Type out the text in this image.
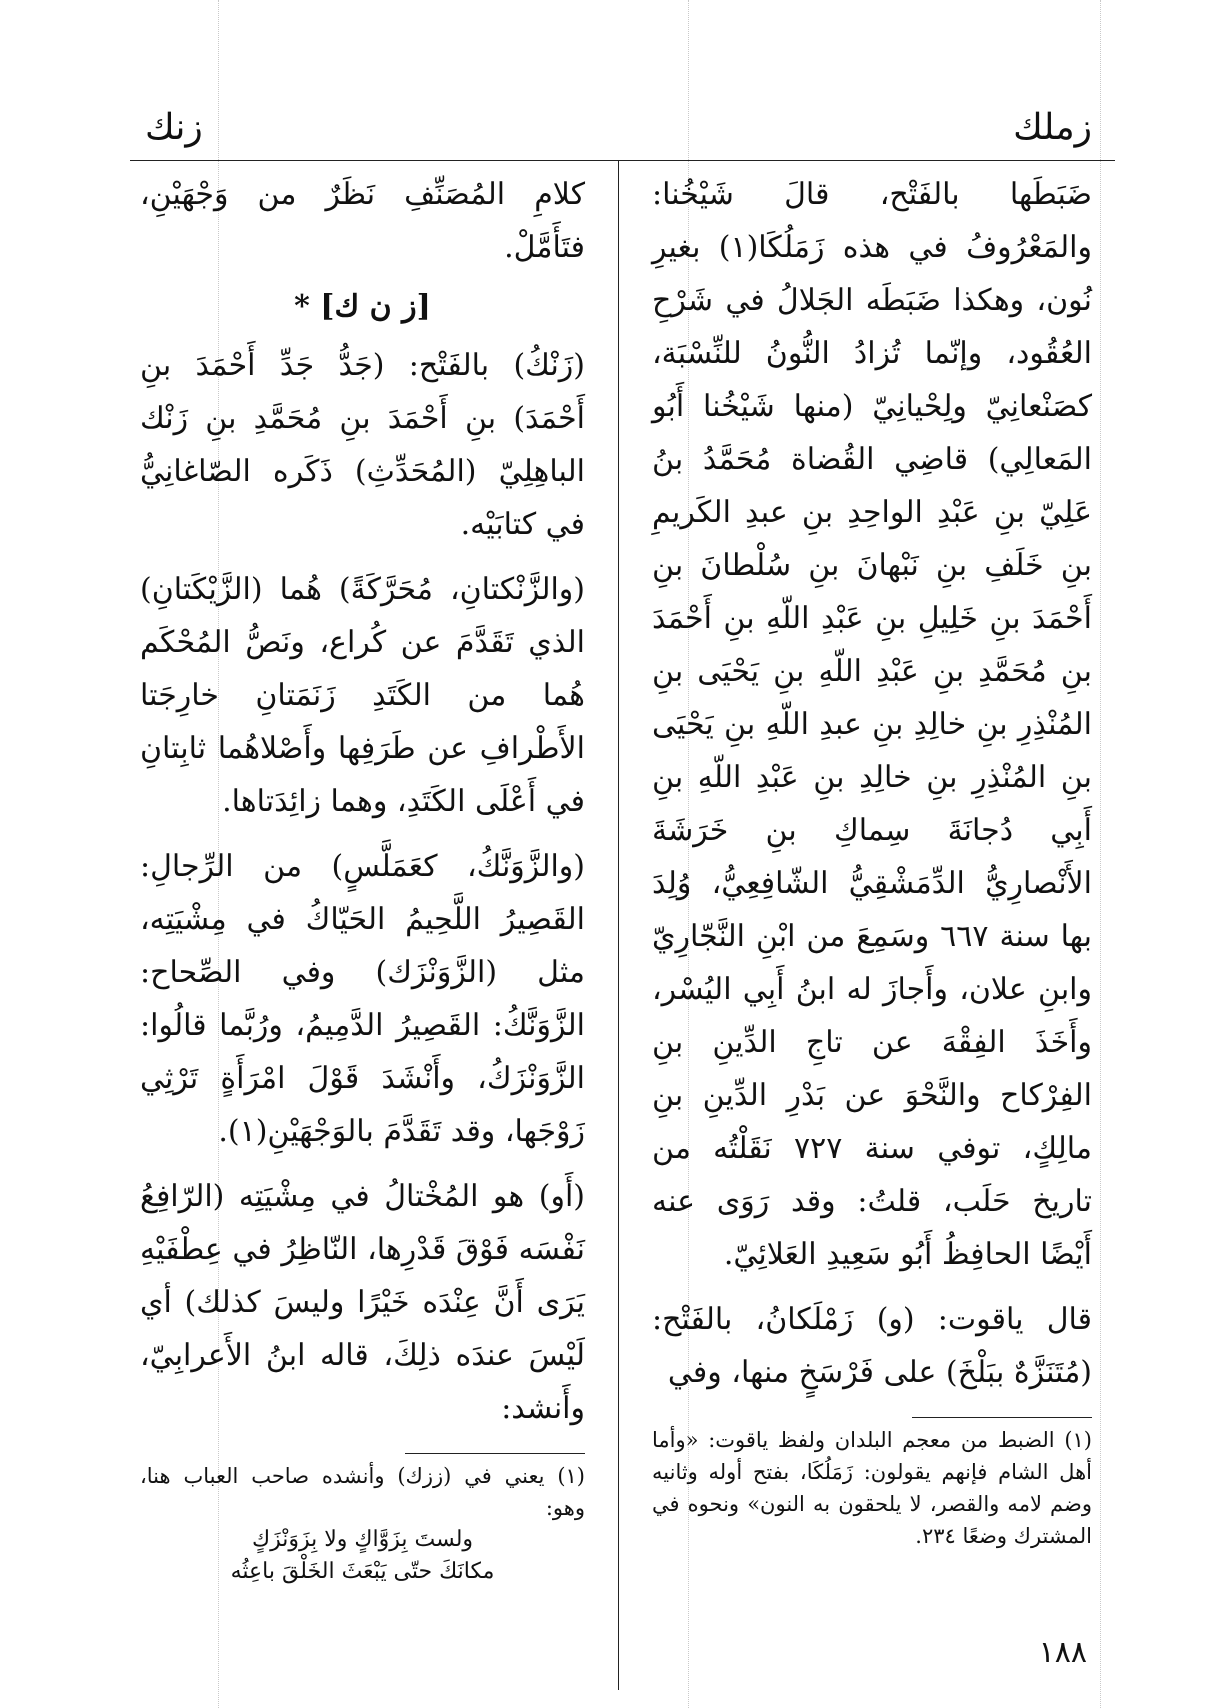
زملك
زنك

ضَبَطَها بالفَتْح، قالَ شَيْخُنا: والمَعْرُوفُ في هذه زَمَلُكَا(١) بغيرِ نُون، وهكذا ضَبَطَه الجَلالُ في شَرْحِ العُقُود، وإنّما تُزادُ النُّونُ للنِّسْبَة، كصَنْعانِيّ ولِحْيانِيّ (منها شَيْخُنا أَبُو المَعالِي) قاضِي القُضاة مُحَمَّدُ بنُ عَلِيّ بنِ عَبْدِ الواحِدِ بنِ عبدِ الكَريمِ بنِ خَلَفِ بنِ نَبْهانَ بنِ سُلْطانَ بنِ أَحْمَدَ بنِ خَلِيلِ بنِ عَبْدِ اللّهِ بنِ أَحْمَدَ بنِ مُحَمَّدِ بنِ عَبْدِ اللّهِ بنِ يَحْيَى بنِ المُنْذِرِ بنِ خالِدِ بنِ عبدِ اللّهِ بنِ يَحْيَى بنِ المُنْذِرِ بنِ خالِدِ بنِ عَبْدِ اللّهِ بنِ أَبِي دُجانَةَ سِماكِ بنِ خَرَشَةَ الأَنْصارِيُّ الدِّمَشْقِيُّ الشّافِعِيُّ، وُلِدَ بها سنة ٦٦٧ وسَمِعَ من ابْنِ النَّجّارِيّ وابنِ علان، وأَجازَ له ابنُ أَبِي اليُسْر، وأَخَذَ الفِقْهَ عن تاجِ الدِّينِ بنِ الفِرْكاح والنَّحْوَ عن بَدْرِ الدِّينِ بنِ مالِكٍ، توفي سنة ٧٢٧ نَقَلْتُه من تاريخ حَلَب، قلتُ: وقد رَوَى عنه أَيْضًا الحافِظُ أَبُو سَعِيدِ العَلائِيّ.

قال ياقوت: (و) زَمْلَكانُ، بالفَتْح: (مُتَنَزَّهٌ ببَلْخَ) على فَرْسَخٍ منها، وفي

(١) الضبط من معجم البلدان ولفظ ياقوت: «وأما أهل الشام فإنهم يقولون: زَمَلُكَا، بفتح أوله وثانيه وضم لامه والقصر، لا يلحقون به النون» ونحوه في المشترك وضعًا ٢٣٤.

كلامِ المُصَنِّفِ نَظَرٌ من وَجْهَيْنِ، فتَأَمَّلْ.

[ز ن ك] *

(زَنْكُ) بالفَتْح: (جَدُّ جَدِّ أَحْمَدَ بنِ أَحْمَدَ) بنِ أَحْمَدَ بنِ مُحَمَّدِ بنِ زَنْك الباهِلِيّ (المُحَدِّثِ) ذَكَره الصّاغانِيُّ في كتابَيْه.

(والزَّنْكتانِ، مُحَرَّكَةً) هُما (الزَّيْكَتانِ) الذي تَقَدَّمَ عن كُراع، ونَصُّ المُحْكَم هُما من الكَتَدِ زَنَمَتانِ خارِجَتا الأَطْرافِ عن طَرَفِها وأَصْلاهُما ثابِتانِ في أَعْلَى الكَتَدِ، وهما زائِدَتاها.

(والزَّوَنَّكُ، كعَمَلَّسٍ) من الرِّجالِ: القَصِيرُ اللَّحِيمُ الحَيّاكُ في مِشْيَتِه، مثل (الزَّوَنْزَك) وفي الصِّحاح: الزَّوَنَّكُ: القَصِيرُ الدَّمِيمُ، ورُبَّما قالُوا: الزَّوَنْزَكُ، وأَنْشَدَ قَوْلَ امْرَأَةٍ تَرْثِي زَوْجَها، وقد تَقَدَّمَ بالوَجْهَيْنِ(١).

(أَو) هو المُخْتالُ في مِشْيَتِه (الرّافِعُ نَفْسَه فَوْقَ قَدْرِها، النّاظِرُ في عِطْفَيْهِ يَرَى أَنَّ عِنْدَه خَيْرًا وليسَ كذلك) أي لَيْسَ عندَه ذلِكَ، قاله ابنُ الأَعرابِيّ، وأَنشد:

(١) يعني في (ززك) وأنشده صاحب العباب هنا، وهو:

ولستَ بِزَوَّاكٍ ولا بِزَوَنْزَكٍ

مكانَكَ حتّى يَبْعَثَ الخَلْقَ باعِثُه

١٨٨
